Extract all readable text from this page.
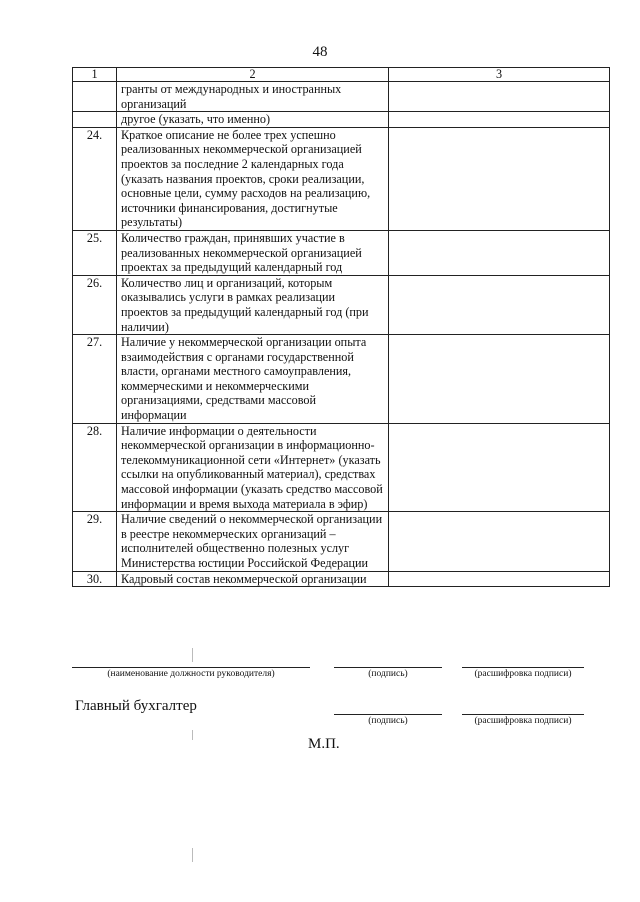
48
1	2	3
	гранты от международных и иностранных организаций	
	другое (указать, что именно)	
24.	Краткое описание не более трех успешно реализованных некоммерческой организацией проектов за последние 2 календарных года (указать названия проектов, сроки реализации, основные цели, сумму расходов на реализацию, источники финансирования, достигнутые результаты)	
25.	Количество граждан, принявших участие в реализованных некоммерческой организацией проектах за предыдущий календарный год	
26.	Количество лиц и организаций, которым оказывались услуги в рамках реализации проектов за предыдущий календарный год (при наличии)	
27.	Наличие у некоммерческой организации опыта взаимодействия с органами государственной власти, органами местного самоуправления, коммерческими и некоммерческими организациями, средствами массовой информации	
28.	Наличие информации о деятельности некоммерческой организации в информационно-телекоммуникационной сети «Интернет» (указать ссылки на опубликованный материал), средствах массовой информации (указать средство массовой информации и время выхода материала в эфир)	
29.	Наличие сведений о некоммерческой организации в реестре некоммерческих организаций – исполнителей общественно полезных услуг Министерства юстиции Российской Федерации	
30.	Кадровый состав некоммерческой организации	
(наименование должности руководителя)	(подпись)	(расшифровка подписи)
Главный бухгалтер
(подпись)	(расшифровка подписи)
М.П.
